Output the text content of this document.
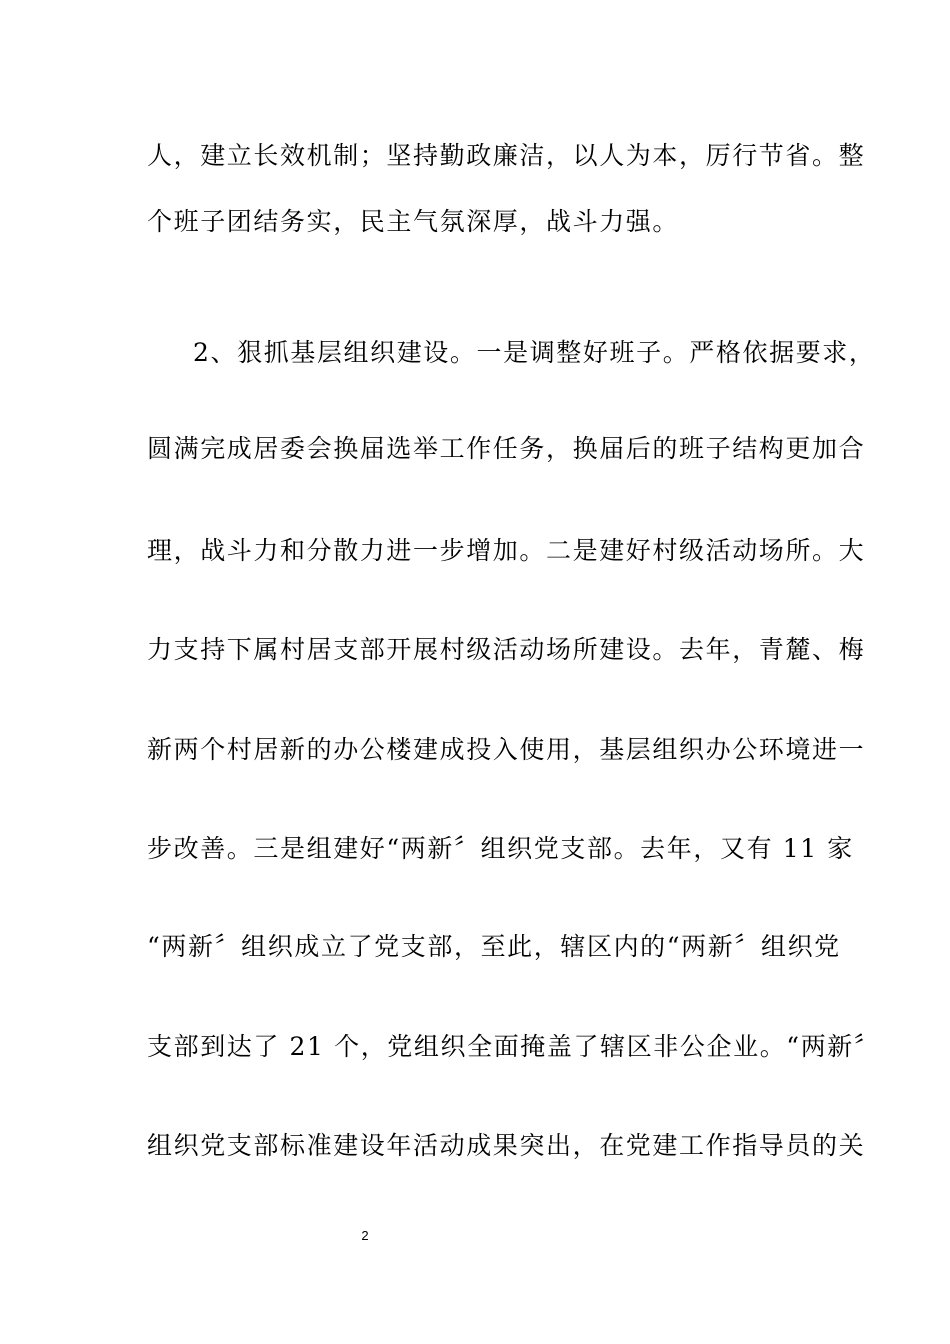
人，建立长效机制；坚持勤政廉洁，以人为本，厉行节省。整
个班子团结务实，民主气氛深厚，战斗力强。
2、狠抓基层组织建设。一是调整好班子。严格依据要求，
圆满完成居委会换届选举工作任务，换届后的班子结构更加合
理，战斗力和分散力进一步增加。二是建好村级活动场所。大
力支持下属村居支部开展村级活动场所建设。去年，青麓、梅
新两个村居新的办公楼建成投入使用，基层组织办公环境进一
步改善。三是组建好“两新〞组织党支部。去年，又有 11 家
“两新〞组织成立了党支部，至此，辖区内的“两新〞组织党
支部到达了 21 个，党组织全面掩盖了辖区非公企业。“两新〞
组织党支部标准建设年活动成果突出，在党建工作指导员的关
2
